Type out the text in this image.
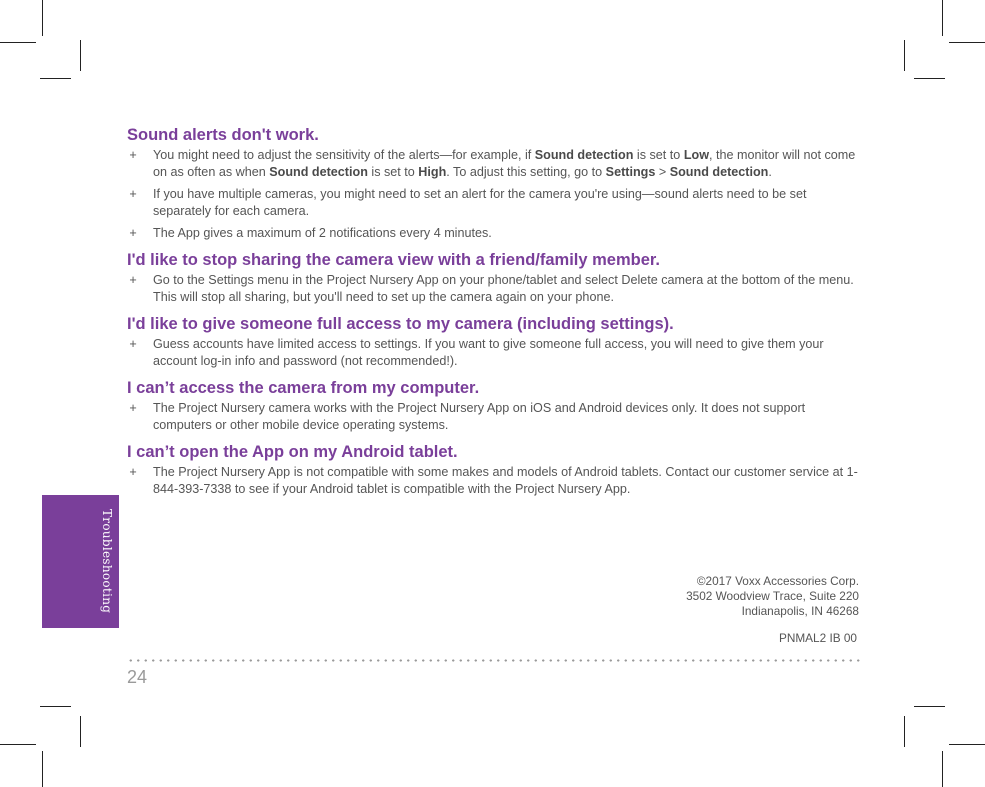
Troubleshooting
Sound alerts don't work.
+ You might need to adjust the sensitivity of the alerts—for example, if Sound detection is set to Low, the monitor will not come on as often as when Sound detection is set to High. To adjust this setting, go to Settings > Sound detection.
+ If you have multiple cameras, you might need to set an alert for the camera you're using—sound alerts need to be set separately for each camera.
+ The App gives a maximum of 2 notifications every 4 minutes.
I'd like to stop sharing the camera view with a friend/family member.
+ Go to the Settings menu in the Project Nursery App on your phone/tablet and select Delete camera at the bottom of the menu. This will stop all sharing, but you'll need to set up the camera again on your phone.
I'd like to give someone full access to my camera (including settings).
+ Guess accounts have limited access to settings. If you want to give someone full access, you will need to give them your account log-in info and password (not recommended!).
I can’t access the camera from my computer.
+ The Project Nursery camera works with the Project Nursery App on iOS and Android devices only. It does not support computers or other mobile device operating systems.
I can’t open the App on my Android tablet.
+ The Project Nursery App is not compatible with some makes and models of Android tablets. Contact our customer service at 1-844-393-7338 to see if your Android tablet is compatible with the Project Nursery App.
©2017 Voxx Accessories Corp.
3502 Woodview Trace, Suite 220
Indianapolis, IN 46268
PNMAL2 IB 00
24
